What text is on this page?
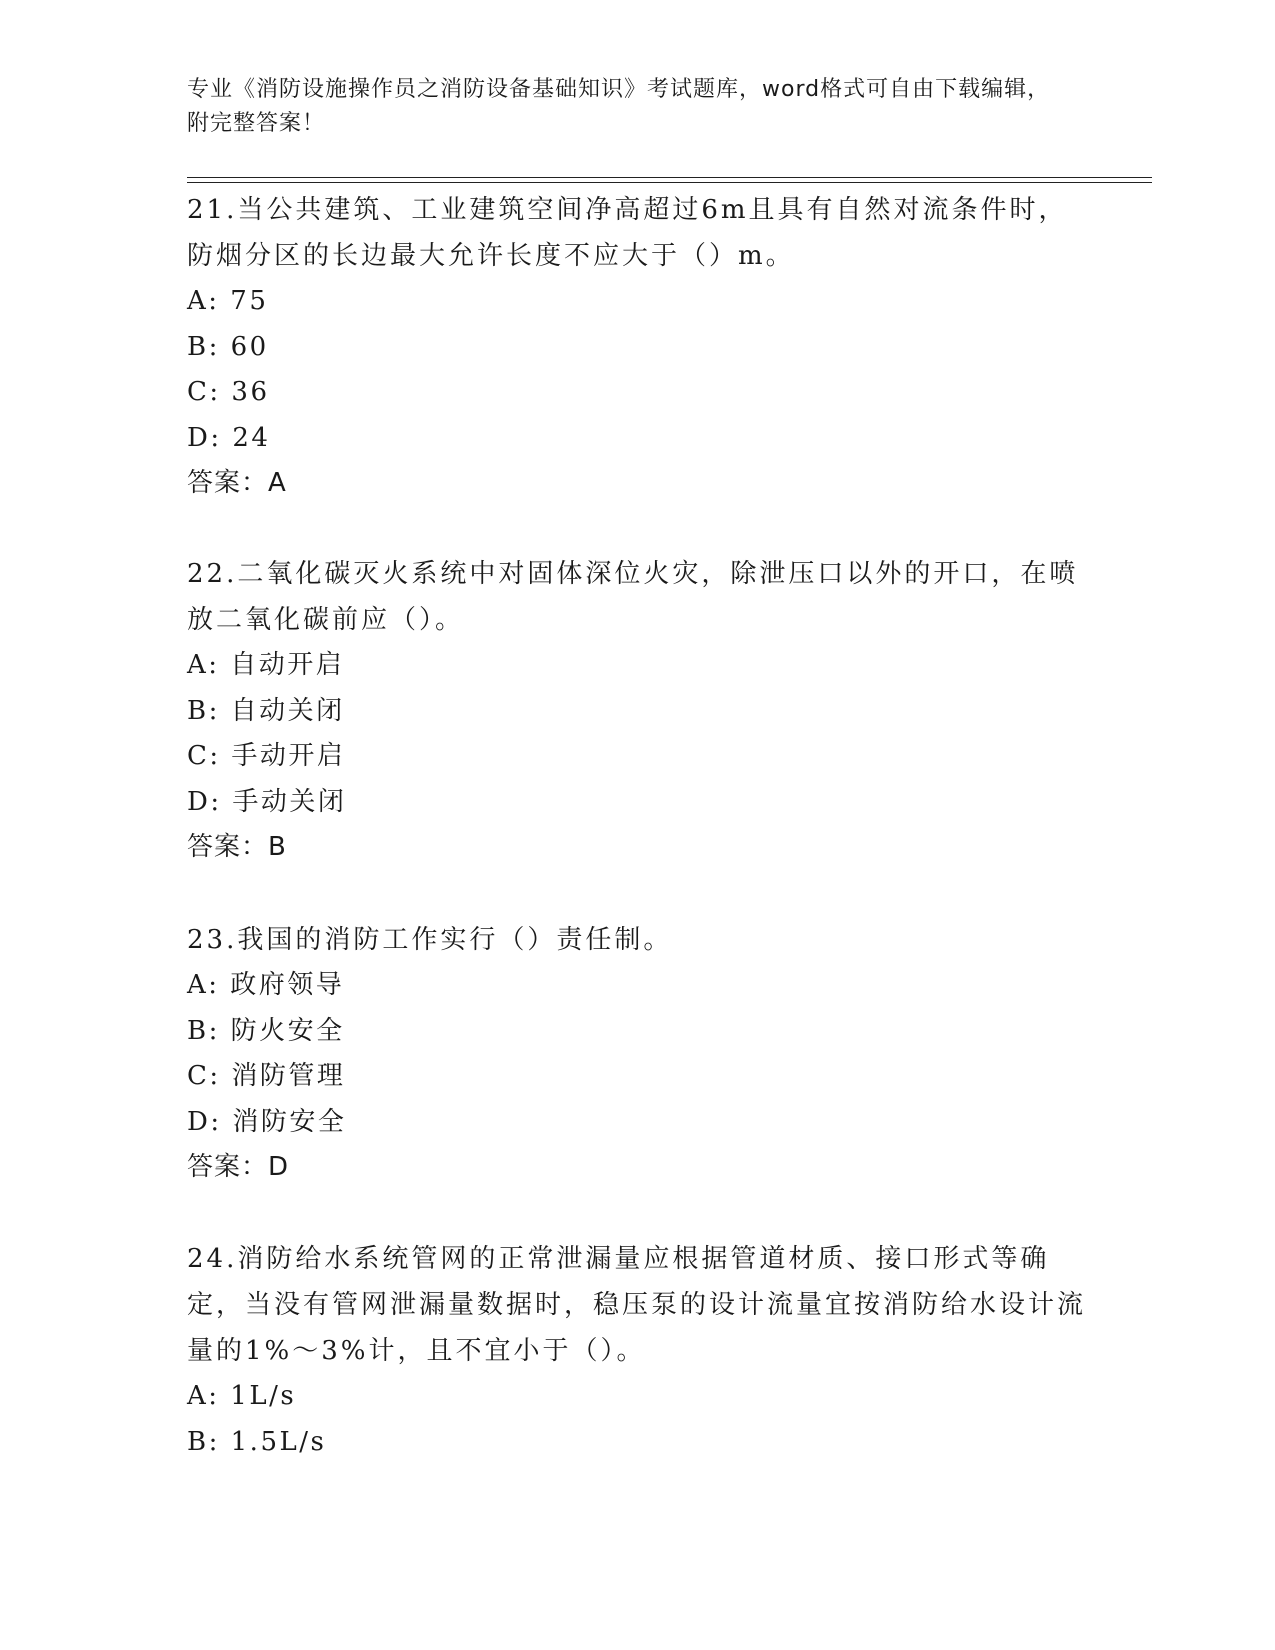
专业《消防设施操作员之消防设备基础知识》考试题库，word格式可自由下载编辑，附完整答案！

21.当公共建筑、工业建筑空间净高超过6m且具有自然对流条件时，防烟分区的长边最大允许长度不应大于（）m。

A: 75

B: 60

C: 36

D: 24

答案：A

22.二氧化碳灭火系统中对固体深位火灾，除泄压口以外的开口，在喷放二氧化碳前应（）。

A: 自动开启

B: 自动关闭

C: 手动开启

D: 手动关闭

答案：B

23.我国的消防工作实行（）责任制。

A: 政府领导

B: 防火安全

C: 消防管理

D: 消防安全

答案：D

24.消防给水系统管网的正常泄漏量应根据管道材质、接口形式等确定，当没有管网泄漏量数据时，稳压泵的设计流量宜按消防给水设计流量的1%～3%计，且不宜小于（）。

A: 1L/s

B: 1.5L/s
